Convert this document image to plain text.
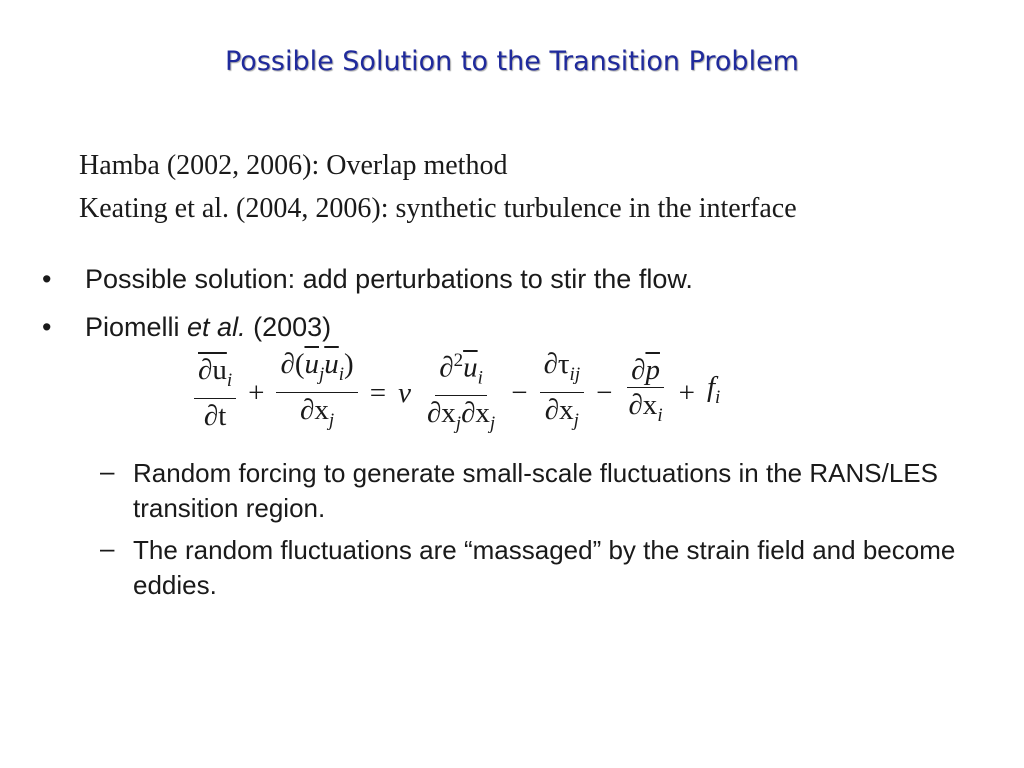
Possible Solution to the Transition Problem
Hamba (2002, 2006): Overlap method
Keating et al. (2004, 2006): synthetic turbulence in the interface
•	Possible solution: add perturbations to stir the flow.
•	Piomelli et al. (2003)
$\frac{\partial u_i}{\partial t} + \frac{\partial(\overline{u}_j\overline{u}_i)}{\partial x_j} = \nu \frac{\partial^2\overline{u}_i}{\partial x_j\partial x_j} - \frac{\partial\tau_{ij}}{\partial x_j} - \frac{\partial\overline{p}}{\partial x_i} + f_i$
– Random forcing to generate small-scale fluctuations in the RANS/LES transition region.
– The random fluctuations are “massaged” by the strain field and become eddies.
